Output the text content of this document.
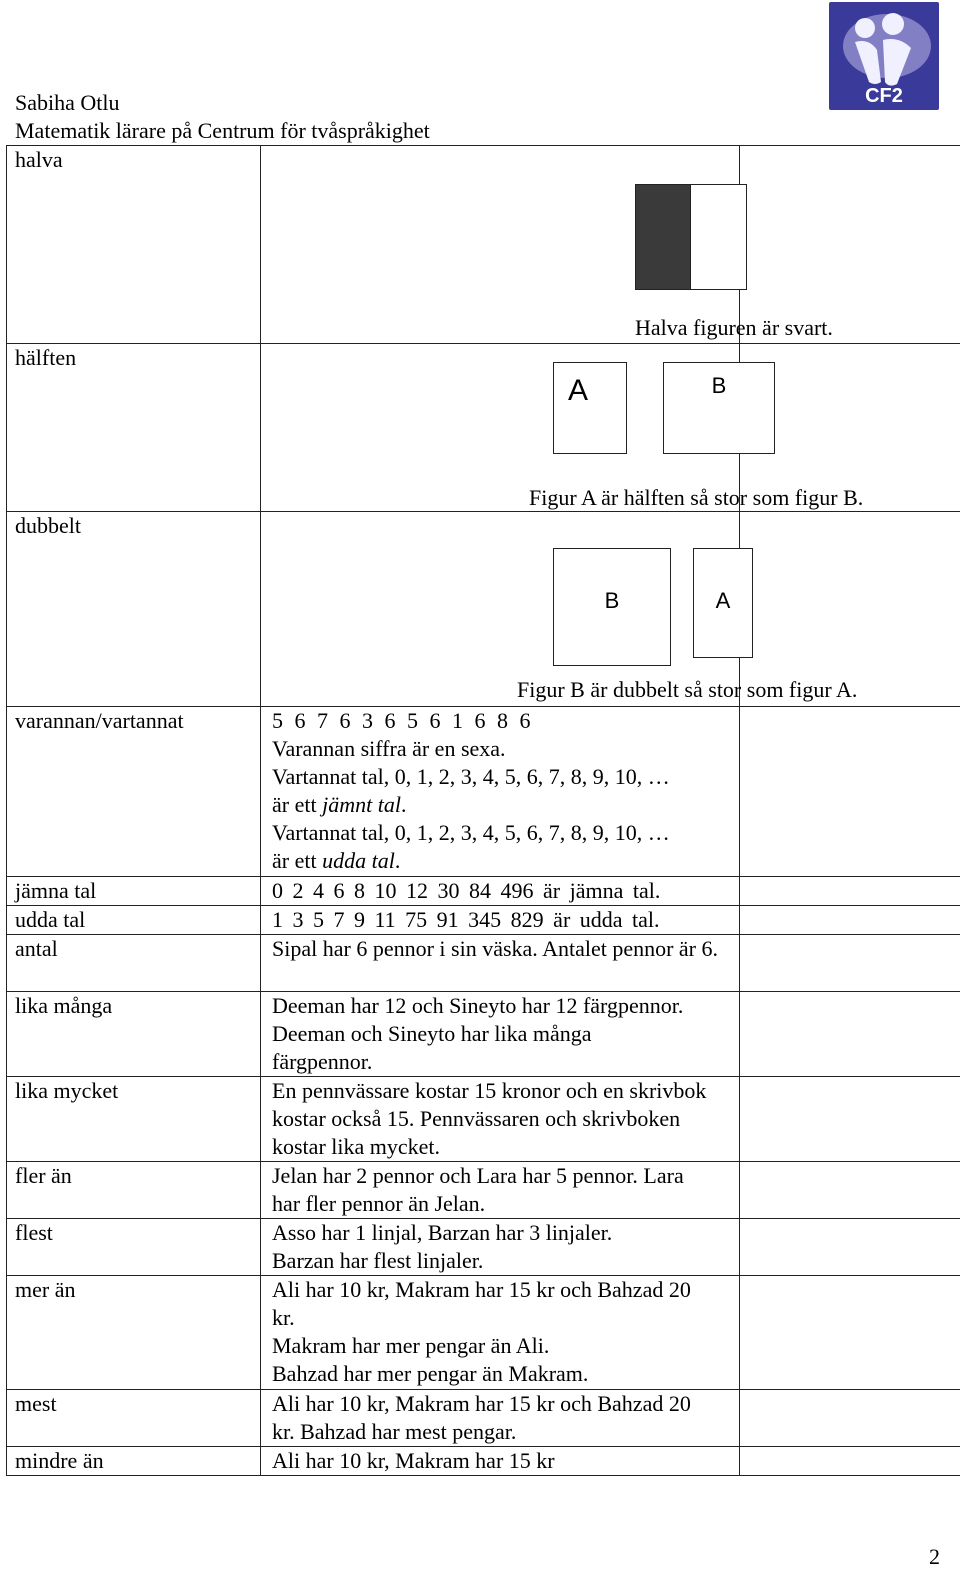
Sabiha Otlu
Matematik lärare på Centrum för tvåspråkighet
CF2
halva	Halva figuren är svart.	

hälften	A B
Figur A är hälften så stor som figur B.	

dubbelt	B A
Figur B är dubbelt så stor som figur A.	

varannan/vartannat	5 6 7 6 3 6 5 6 1 6 8 6
Varannan siffra är en sexa.
Vartannat tal, 0, 1, 2, 3, 4, 5, 6, 7, 8, 9, 10, …
är ett jämnt tal.
Vartannat tal, 0, 1, 2, 3, 4, 5, 6, 7, 8, 9, 10, …är ett udda tal.	

jämna tal	0 2 4 6 8 10 12 30 84 496 är jämna tal.	

udda tal	1 3 5 7 9 11 75 91 345 829 är udda tal.	

antal	Sipal har 6 pennor i sin väska. Antalet pennor är 6.	

lika många	Deeman har 12 och Sineyto har 12 färgpennor. Deeman och Sineyto har lika många färgpennor.	

lika mycket	En pennvässare kostar 15 kronor och en skrivbok kostar också 15. Pennvässaren och skrivboken kostar lika mycket.	

fler än	Jelan har 2 pennor och Lara har 5 pennor. Lara har fler pennor än Jelan.	

flest	Asso har 1 linjal, Barzan har 3 linjaler. Barzan har flest linjaler.	

mer än	Ali har 10 kr, Makram har 15 kr och Bahzad 20 kr.
Makram har mer pengar än Ali.
Bahzad har mer pengar än Makram.	

mest	Ali har 10 kr, Makram har 15 kr och Bahzad 20 kr. Bahzad har mest pengar.	

mindre än	Ali har 10 kr, Makram har 15 kr	

2
